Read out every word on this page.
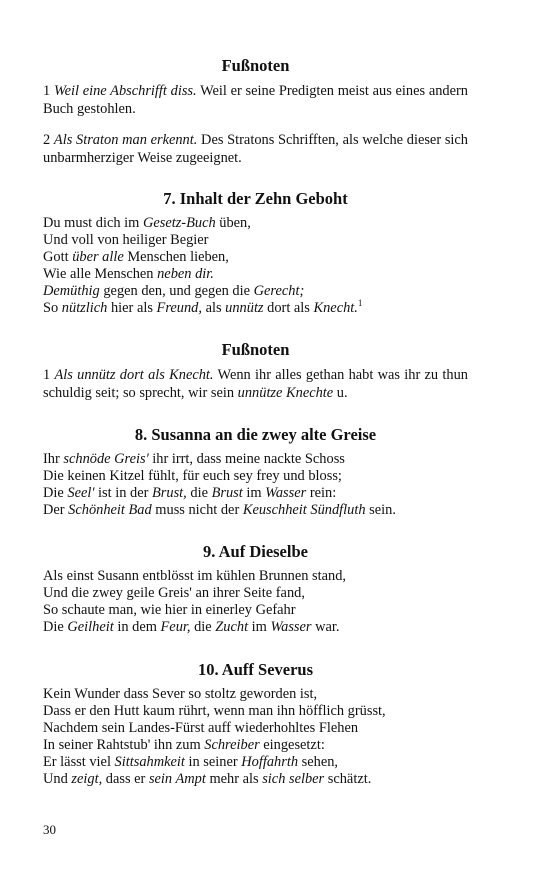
Fußnoten

1 Weil eine Abschrifft diss. Weil er seine Predigten meist aus eines andern Buch gestohlen.

2 Als Straton man erkennt. Des Stratons Schrifften, als welche dieser sich unbarmherziger Weise zugeeignet.

7. Inhalt der Zehn Geboht
Du must dich im Gesetz-Buch üben,
Und voll von heiliger Begier
Gott über alle Menschen lieben,
Wie alle Menschen neben dir.
Demüthig gegen den, und gegen die Gerecht;
So nützlich hier als Freund, als unnütz dort als Knecht.$^1$
Fußnoten

1 Als unnütz dort als Knecht. Wenn ihr alles gethan habt was ihr zu thun schuldig seit; so sprecht, wir sein unnütze Knechte u.

8. Susanna an die zwey alte Greise
Ihr schnöde Greis' ihr irrt, dass meine nackte Schoss
Die keinen Kitzel fühlt, für euch sey frey und bloss;
Die Seel' ist in der Brust, die Brust im Wasser rein:
Der Schönheit Bad muss nicht der Keuschheit Sündfluth sein.
9. Auf Dieselbe
Als einst Susann entblösst im kühlen Brunnen stand,
Und die zwey geile Greis' an ihrer Seite fand,
So schaute man, wie hier in einerley Gefahr
Die Geilheit in dem Feur, die Zucht im Wasser war.
10. Auff Severus
Kein Wunder dass Sever so stoltz geworden ist,
Dass er den Hutt kaum rührt, wenn man ihn höfflich grüsst,
Nachdem sein Landes-Fürst auff wiederhohltes Flehen
In seiner Rahtstub' ihn zum Schreiber eingesetzt:
Er lässt viel Sittsahmkeit in seiner Hoffahrth sehen,
Und zeigt, dass er sein Ampt mehr als sich selber schätzt.
30
